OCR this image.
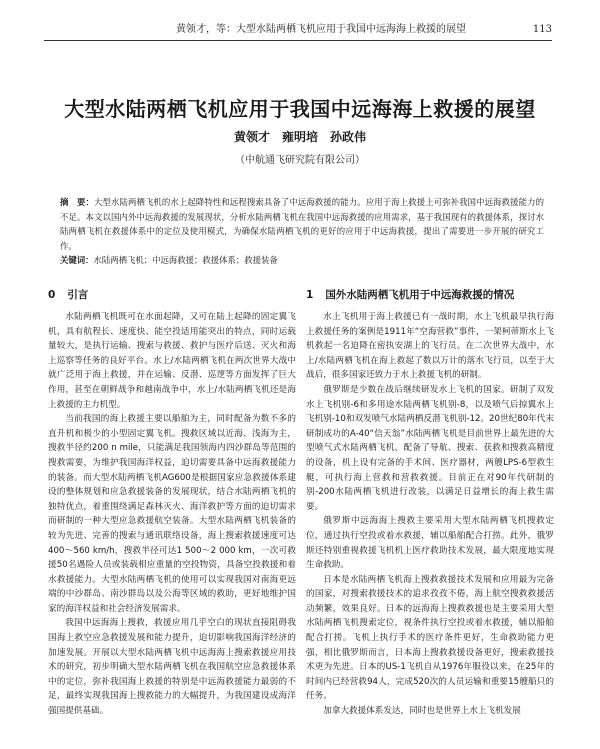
黄领才，等：大型水陆两栖飞机应用于我国中远海海上救援的展望	113
大型水陆两栖飞机应用于我国中远海海上救援的展望
黄领才　雍明培　孙政伟
（中航通飞研究院有限公司）

摘　要：大型水陆两栖飞机的水上起降特性和远程搜索具备了中远海救援的能力。应用于海上救援上可弥补我国中远海救援能力的不足。本文以国内外中远海救援的发展现状，分析水陆两栖飞机在我国中远海救援的应用需求，基于我国现有的救援体系，探讨水陆两栖飞机在救援体系中的定位及使用模式，为确保水陆两栖飞机的更好的应用于中远海救援，提出了需要进一步开展的研究工作。

关键词：水陆两栖飞机；中远海救援；救援体系；救援装备

0 引言

水陆两栖飞机既可在水面起降，又可在陆上起降的固定翼飞机，具有航程长、速度快、能空投适用能突出的特点，同时运载量较大，是执行运输、搜索与救援、救护与医疗后送、灭火和海上巡察等任务的良好平台。水上/水陆两栖飞机在两次世界大战中就广泛用于海上救援，并在运输、反潜、巡逻等方面发挥了巨大作用，甚至在朝鲜战争和越南战争中，水上/水陆两栖飞机还是海上救援的主力机型。

当前我国的海上救援主要以船舶为主，同时配备为数不多的直升机和极少的小型固定翼飞机。搜救区域以近海、浅海为主，搜救半径约200 n mile，只能满足我国领海内四沙群岛等范围的搜救需要，为维护我国海洋权益，迫切需要具备中远海救援能力的装备。而大型水陆两栖飞机AG600是根据国家应急救援体系建设的整体规划和应急救援装备的发展现状，结合水陆两栖飞机的独特优点，着重围绕满足森林灭火、海洋救护等方面的迫切需求而研制的一种大型应急救援航空装备。大型水陆两栖飞机装备的较为先进、完善的搜索与通讯联络设备，海上搜索救援速度可达400～560 km/h，搜救半径可达1 500～2 000 km，一次可救援50名遇险人员或装载相应重量的空投物资，具备空投救援和着水救援能力。大型水陆两栖飞机的使用可以实现我国对南海更远端的中沙群岛、南沙群岛以及公海等区域的救助，更好地维护国家的海洋权益和社会经济发展需求。

我国中远海海上搜救，救援应用几乎空白的现状直接阻碍我国海上救空应急救援发展和能力提升，迫切影响我国海洋经济的加速发展。开展以大型水陆两栖飞机中远海海上搜索救援应用技术的研究，初步明确大型水陆两栖飞机在我国航空应急救援体系中的定位，弥补我国海上救援的特别是中远海救援能力最弱的不足，最终实现我国海上搜救能力的大幅提升，为我国建设成海洋强国提供基础。

1 国外水陆两栖飞机用于中远海救援的情况

水上飞机用于海上救援已有一战时期，水上飞机最早执行海上救援任务的案例是1911年“空海营救”事件，一架柯蒂斯水上飞机救起一名迫降在密执安湖上的飞行员。在二次世界大战中，水上/水陆两栖飞机在海上救起了数以万计的落水飞行员，以至于大战后，很多国家还致力于水上救援飞机的研制。

俄罗斯是少数在战后继续研发水上飞机的国家。研制了双发水上飞机别-6和多用途水陆两栖飞机别-8，以及喷气后掠翼水上飞机别-10和双发喷气水陆两栖反潜飞机别-12。20世纪80年代末研制成功的A-40“信天翁”水陆两栖飞机是目前世界上最先进的大型喷气式水陆两栖飞机，配备了导航、搜索、获救和搜救高精度的设备，机上设有完备的手术间、医疗器材，两艘LPS-6型救生艇，可执行海上营救和营救救援。目前正在对90年代研制的别-200水陆两栖飞机进行改装，以满足日益增长的海上救生需要。

俄罗斯中远海海上搜救主要采用大型水陆两栖飞机搜救定位，通过执行空投或着水救援，辅以船舶配合打捞。此外，俄罗斯还特别重视救援飞机机上医疗救助技术发展，最大限度地实现生命救助。

日本是水陆两栖飞机海上搜救救援技术发展和应用最为完备的国家，对搜索救援技术的追求孜孜不倦，海上航空搜救救援活动频繁，效果良好。日本的远海海上搜救救援也是主要采用大型水陆两栖飞机搜索定位，视条件执行空投或着水救援，辅以船舶配合打捞。飞机上执行手术的医疗条件更好，生命救助能力更强，相比俄罗斯而言，日本海上搜救救援设备更好，搜索救援技术更为先进。日本的US-1飞机自从1976年服役以来，在25年的时间内已经营救94人，完成520次的人员运输和重要15艘船只的任务。

加拿大救援体系发达，同时也是世界上水上飞机发展
